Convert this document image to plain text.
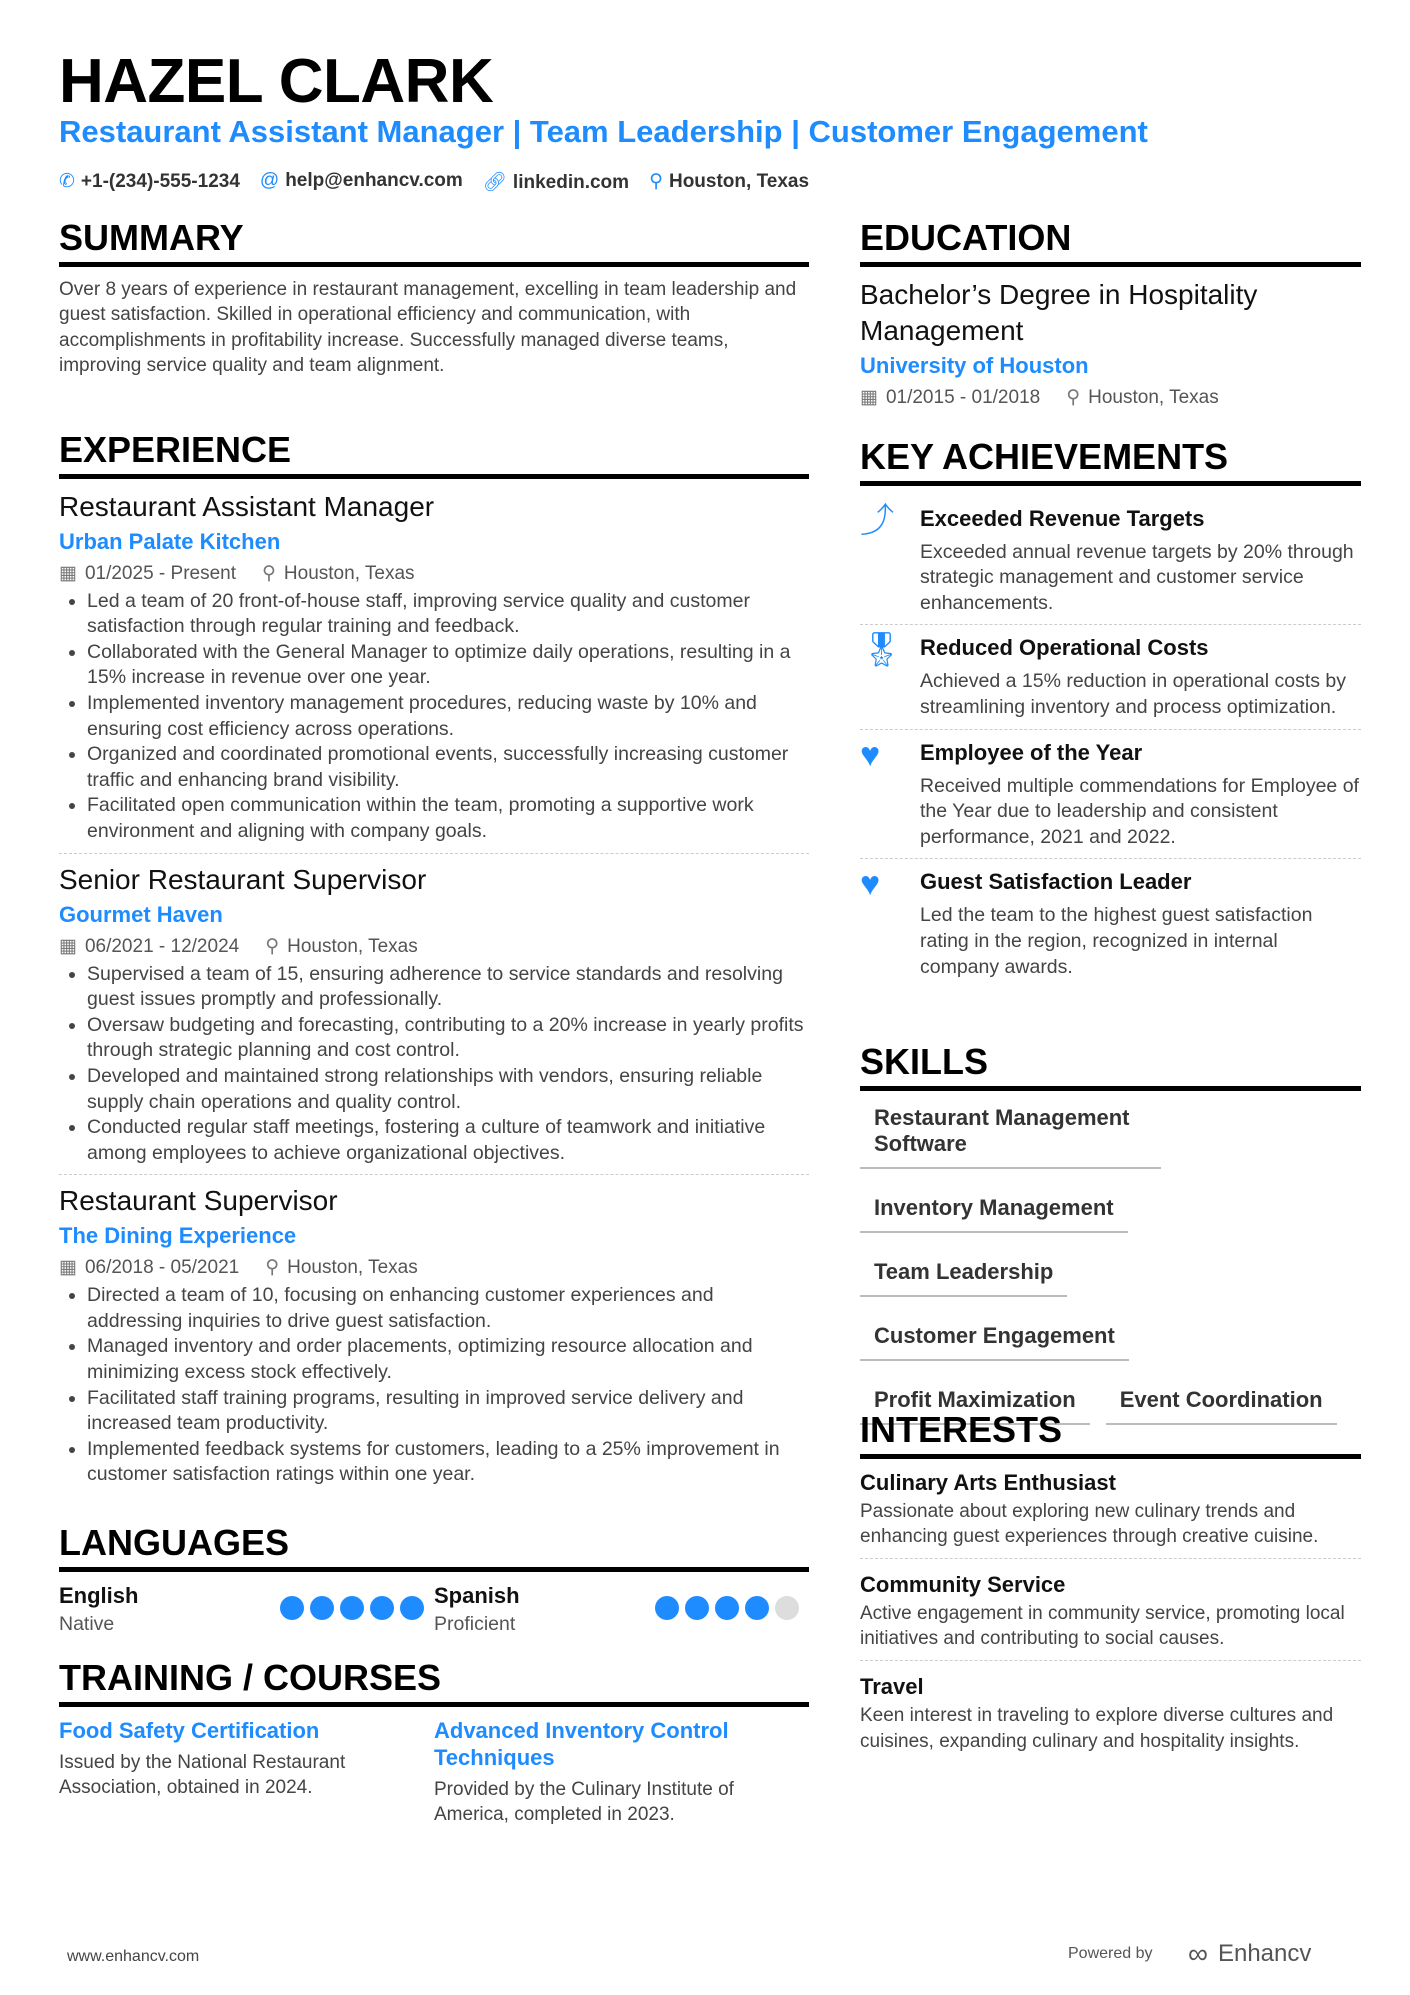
HAZEL CLARK
Restaurant Assistant Manager | Team Leadership | Customer Engagement
✆ +1-(234)-555-1234 @ help@enhancv.com 🔗︎ linkedin.com ⚲ Houston, Texas
SUMMARY

Over 8 years of experience in restaurant management, excelling in team leadership and guest satisfaction. Skilled in operational efficiency and communication, with accomplishments in profitability increase. Successfully managed diverse teams, improving service quality and team alignment.

EXPERIENCE
Restaurant Assistant Manager
Urban Palate Kitchen
▦ 01/2025 - Present ⚲ Houston, Texas
• Led a team of 20 front-of-house staff, improving service quality and customer satisfaction through regular training and feedback.
• Collaborated with the General Manager to optimize daily operations, resulting in a 15% increase in revenue over one year.
• Implemented inventory management procedures, reducing waste by 10% and ensuring cost efficiency across operations.
• Organized and coordinated promotional events, successfully increasing customer traffic and enhancing brand visibility.
• Facilitated open communication within the team, promoting a supportive work environment and aligning with company goals.
Senior Restaurant Supervisor
Gourmet Haven
▦ 06/2021 - 12/2024 ⚲ Houston, Texas
• Supervised a team of 15, ensuring adherence to service standards and resolving guest issues promptly and professionally.
• Oversaw budgeting and forecasting, contributing to a 20% increase in yearly profits through strategic planning and cost control.
• Developed and maintained strong relationships with vendors, ensuring reliable supply chain operations and quality control.
• Conducted regular staff meetings, fostering a culture of teamwork and initiative among employees to achieve organizational objectives.
Restaurant Supervisor
The Dining Experience
▦ 06/2018 - 05/2021 ⚲ Houston, Texas
• Directed a team of 10, focusing on enhancing customer experiences and addressing inquiries to drive guest satisfaction.
• Managed inventory and order placements, optimizing resource allocation and minimizing excess stock effectively.
• Facilitated staff training programs, resulting in improved service delivery and increased team productivity.
• Implemented feedback systems for customers, leading to a 25% improvement in customer satisfaction ratings within one year.
LANGUAGES
English
Native
Spanish
Proficient
TRAINING / COURSES
Food Safety Certification
Issued by the National Restaurant Association, obtained in 2024.
Advanced Inventory Control Techniques
Provided by the Culinary Institute of America, completed in 2023.
EDUCATION
Bachelor’s Degree in Hospitality Management
University of Houston
▦ 01/2015 - 01/2018 ⚲ Houston, Texas
KEY ACHIEVEMENTS
⤴	Exceeded Revenue Targets
Exceeded annual revenue targets by 20% through strategic management and customer service enhancements.
🎖︎ Reduced Operational Costs
Achieved a 15% reduction in operational costs by streamlining inventory and process optimization.
♥	Employee of the Year
Received multiple commendations for Employee of the Year due to leadership and consistent performance, 2021 and 2022.
♥	Guest Satisfaction Leader
Led the team to the highest guest satisfaction rating in the region, recognized in internal company awards.
SKILLS
Restaurant Management Software
Inventory Management
Team Leadership
Customer Engagement
Profit Maximization	Event Coordination
INTERESTS
Culinary Arts Enthusiast
Passionate about exploring new culinary trends and enhancing guest experiences through creative cuisine.
Community Service
Active engagement in community service, promoting local initiatives and contributing to social causes.
Travel
Keen interest in traveling to explore diverse cultures and cuisines, expanding culinary and hospitality insights.
www.enhancv.com	Powered by ∞ Enhancv
